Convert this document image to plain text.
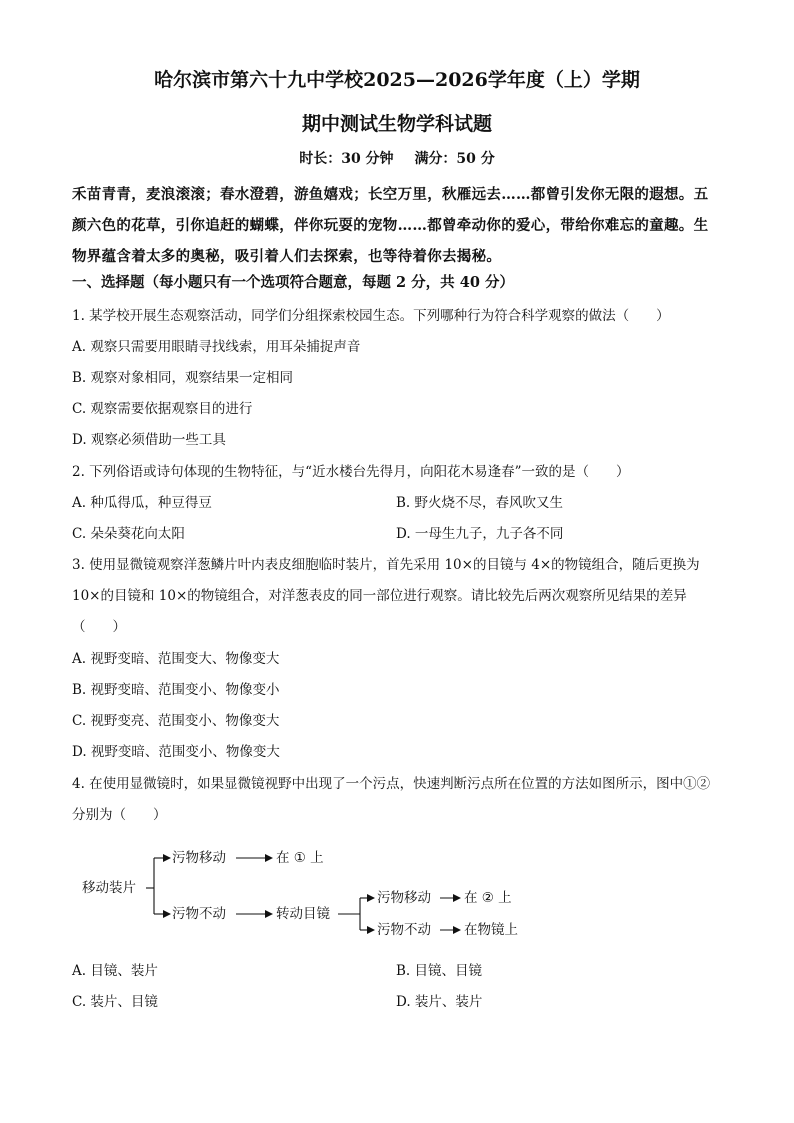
哈尔滨市第六十九中学校2025—2026学年度（上）学期
期中测试生物学科试题
时长：30 分钟 满分：50 分
禾苗青青，麦浪滚滚；春水澄碧，游鱼嬉戏；长空万里，秋雁远去……都曾引发你无限的遐想。五颜六色的花草，引你追赶的蝴蝶，伴你玩耍的宠物……都曾牵动你的爱心，带给你难忘的童趣。生物界蕴含着太多的奥秘，吸引着人们去探索，也等待着你去揭秘。
一、选择题（每小题只有一个选项符合题意，每题 2 分，共 40 分）
1. 某学校开展生态观察活动，同学们分组探索校园生态。下列哪种行为符合科学观察的做法（　　）
A. 观察只需要用眼睛寻找线索，用耳朵捕捉声音
B. 观察对象相同，观察结果一定相同
C. 观察需要依据观察目的进行
D. 观察必须借助一些工具
2. 下列俗语或诗句体现的生物特征，与“近水楼台先得月，向阳花木易逢春”一致的是（　　）
A. 种瓜得瓜，种豆得豆	B. 野火烧不尽，春风吹又生
C. 朵朵葵花向太阳	D. 一母生九子，九子各不同
3. 使用显微镜观察洋葱鳞片叶内表皮细胞临时装片，首先采用 10×的目镜与 4×的物镜组合，随后更换为 10×的目镜和 10×的物镜组合，对洋葱表皮的同一部位进行观察。请比较先后两次观察所见结果的差异（　　）
A. 视野变暗、范围变大、物像变大
B. 视野变暗、范围变小、物像变小
C. 视野变亮、范围变小、物像变大
D. 视野变暗、范围变小、物像变大
4. 在使用显微镜时，如果显微镜视野中出现了一个污点，快速判断污点所在位置的方法如图所示，图中①②分别为（　　）
移动装片
污物移动	在 ① 上
污物不动	转动目镜
污物移动 在 ② 上
污物不动 在物镜上
A. 目镜、装片	B. 目镜、目镜
C. 装片、目镜	D. 装片、装片
